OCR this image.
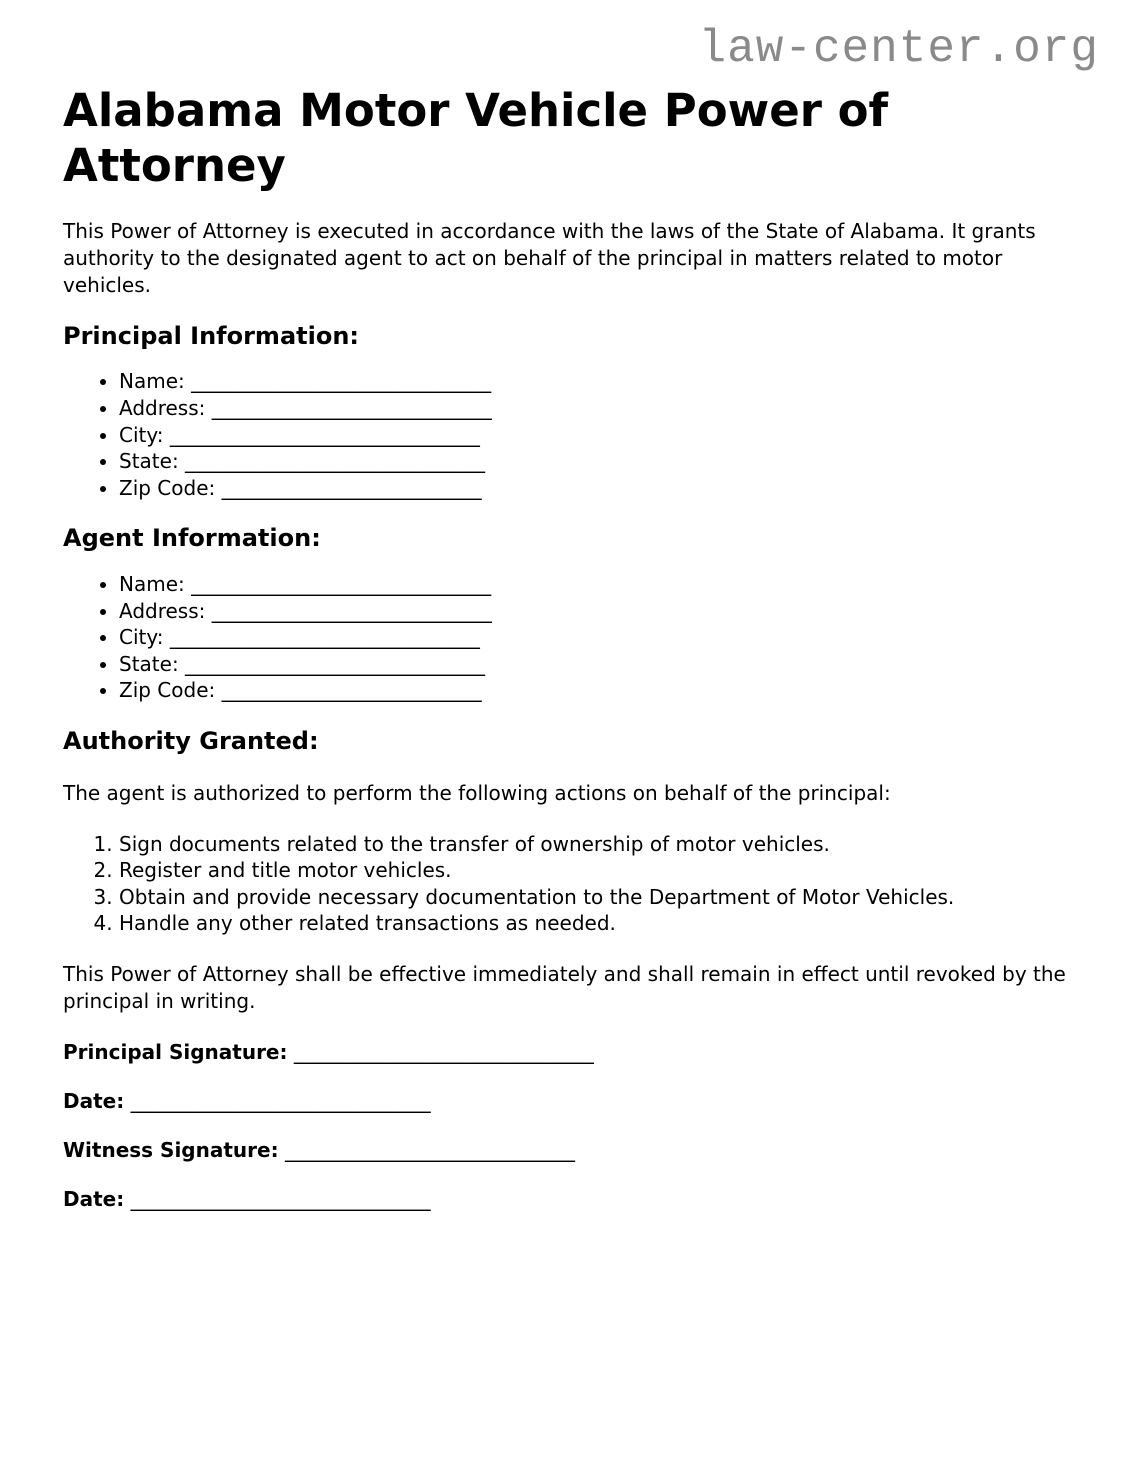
law-center.org
Alabama Motor Vehicle Power of Attorney

This Power of Attorney is executed in accordance with the laws of the State of Alabama. It grants authority to the designated agent to act on behalf of the principal in matters related to motor vehicles.

Principal Information:
• Name: ______________________________
• Address: ____________________________
• City: _______________________________
• State: ______________________________
• Zip Code: __________________________
Agent Information:
• Name: ______________________________
• Address: ____________________________
• City: _______________________________
• State: ______________________________
• Zip Code: __________________________
Authority Granted:

The agent is authorized to perform the following actions on behalf of the principal:

1. Sign documents related to the transfer of ownership of motor vehicles.
2. Register and title motor vehicles.
3. Obtain and provide necessary documentation to the Department of Motor Vehicles.
4. Handle any other related transactions as needed.

This Power of Attorney shall be effective immediately and shall remain in effect until revoked by the principal in writing.

Principal Signature: ______________________________

Date: ______________________________

Witness Signature: _____________________________

Date: ______________________________
